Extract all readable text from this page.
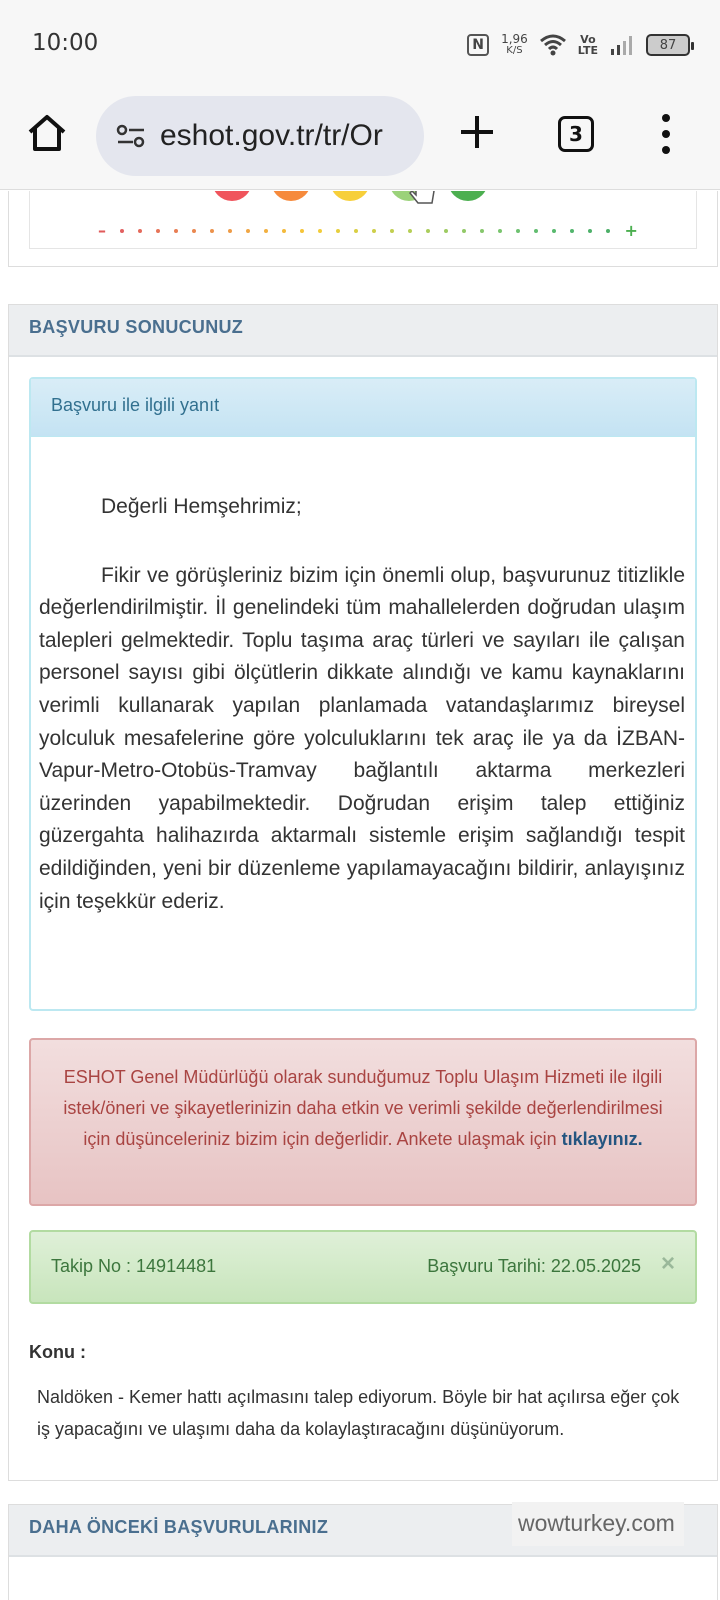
10:00	N	1,96
K/S
Vo
LTE	87
eshot.gov.tr/tr/Or	3
–	+
BAŞVURU SONUCUNUZ
Başvuru ile ilgili yanıt

Değerli Hemşehrimiz;

Fikir ve görüşleriniz bizim için önemli olup, başvurunuz titizlikle değerlendirilmiştir. İl genelindeki tüm mahallelerden doğrudan ulaşım talepleri gelmektedir. Toplu taşıma araç türleri ve sayıları ile çalışan personel sayısı gibi ölçütlerin dikkate alındığı ve kamu kaynaklarını verimli kullanarak yapılan planlamada vatandaşlarımız bireysel yolculuk mesafelerine göre yolculuklarını tek araç ile ya da İZBAN-Vapur-Metro-Otobüs-Tramvay bağlantılı aktarma merkezleri üzerinden yapabilmektedir. Doğrudan erişim talep ettiğiniz güzergahta halihazırda aktarmalı sistemle erişim sağlandığı tespit edildiğinden, yeni bir düzenleme yapılamayacağını bildirir, anlayışınız için teşekkür ederiz.

ESHOT Genel Müdürlüğü olarak sunduğumuz Toplu Ulaşım Hizmeti ile ilgili istek/öneri ve şikayetlerinizin daha etkin ve verimli şekilde değerlendirilmesi için düşünceleriniz bizim için değerlidir. Ankete ulaşmak için tıklayınız.
Takip No : 14914481	Başvuru Tarihi: 22.05.2025 ×
Konu :
Naldöken - Kemer hattı açılmasını talep ediyorum. Böyle bir hat açılırsa eğer çok iş yapacağını ve ulaşımı daha da kolaylaştıracağını düşünüyorum.
DAHA ÖNCEKİ BAŞVURULARINIZ	wowturkey.com
